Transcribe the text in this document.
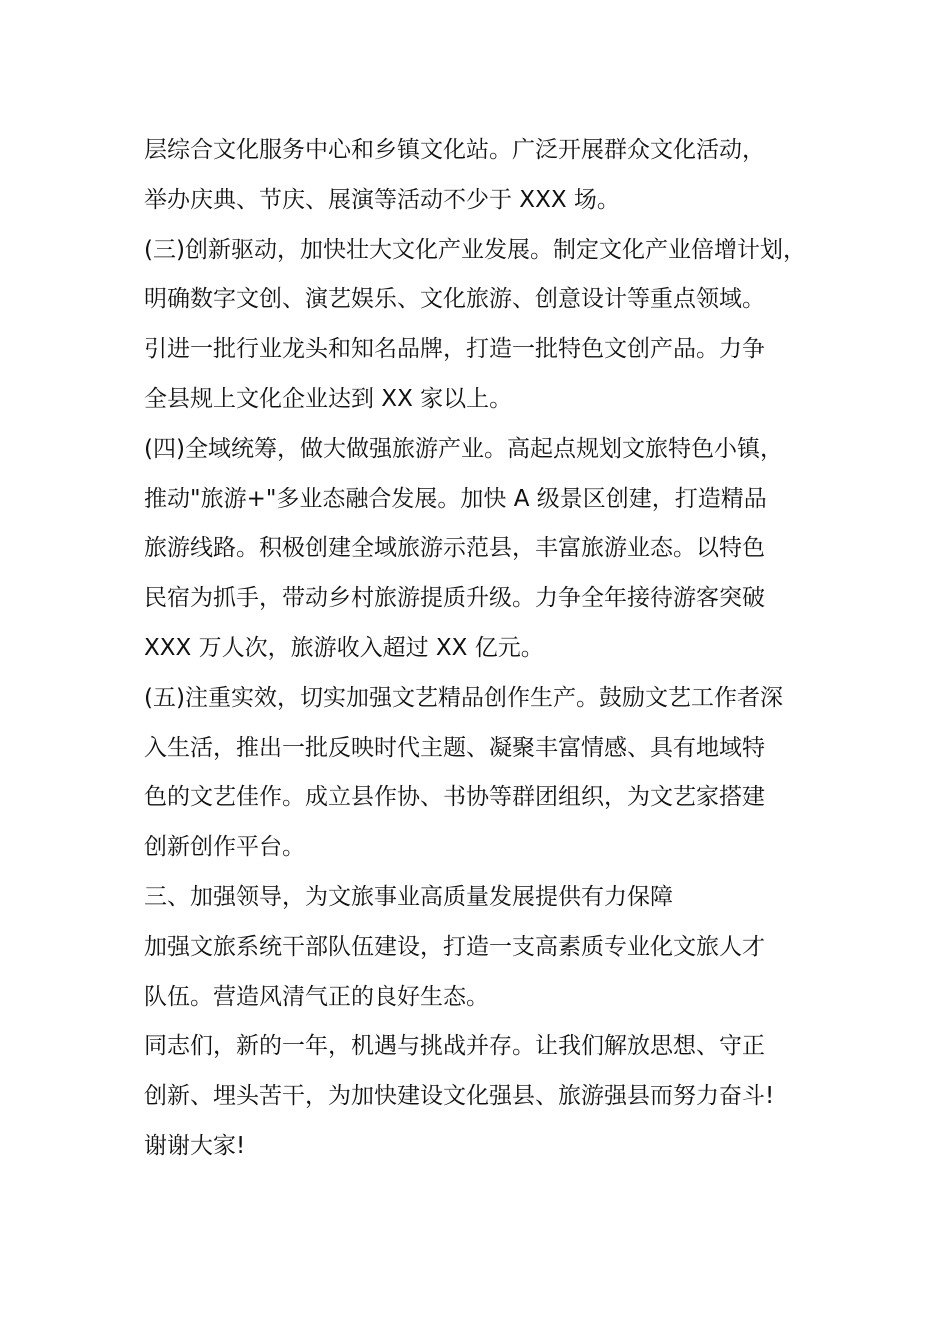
层综合文化服务中心和乡镇文化站。广泛开展群众文化活动，
举办庆典、节庆、展演等活动不少于 XXX 场。
(三)创新驱动，加快壮大文化产业发展。制定文化产业倍增计划，
明确数字文创、演艺娱乐、文化旅游、创意设计等重点领域。
引进一批行业龙头和知名品牌，打造一批特色文创产品。力争
全县规上文化企业达到 XX 家以上。
(四)全域统筹，做大做强旅游产业。高起点规划文旅特色小镇，
推动"旅游+"多业态融合发展。加快 A 级景区创建，打造精品
旅游线路。积极创建全域旅游示范县，丰富旅游业态。以特色
民宿为抓手，带动乡村旅游提质升级。力争全年接待游客突破
XXX 万人次，旅游收入超过 XX 亿元。
(五)注重实效，切实加强文艺精品创作生产。鼓励文艺工作者深
入生活，推出一批反映时代主题、凝聚丰富情感、具有地域特
色的文艺佳作。成立县作协、书协等群团组织，为文艺家搭建
创新创作平台。
三、加强领导，为文旅事业高质量发展提供有力保障
加强文旅系统干部队伍建设，打造一支高素质专业化文旅人才
队伍。营造风清气正的良好生态。
同志们，新的一年，机遇与挑战并存。让我们解放思想、守正
创新、埋头苦干，为加快建设文化强县、旅游强县而努力奋斗!
谢谢大家!
